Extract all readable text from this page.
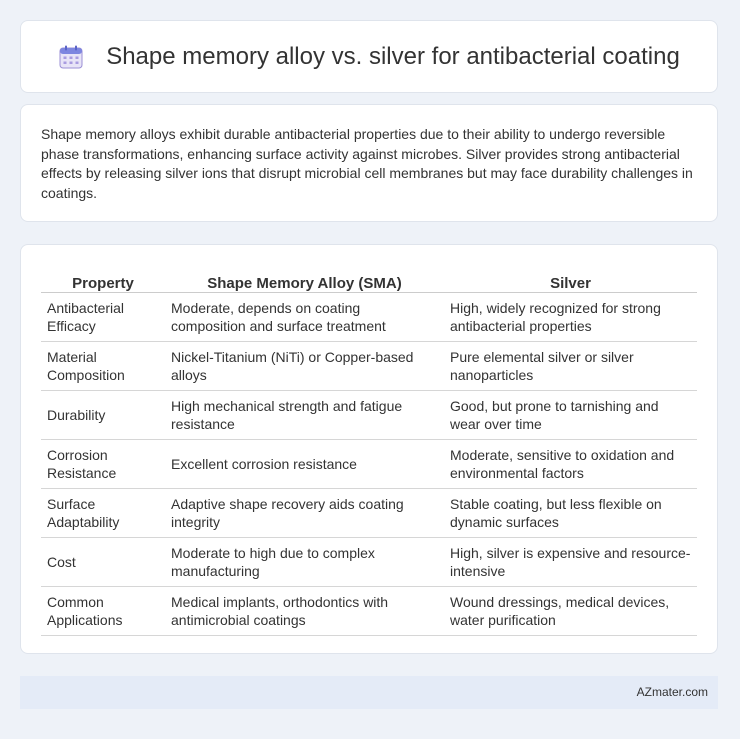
Shape memory alloy vs. silver for antibacterial coating

Shape memory alloys exhibit durable antibacterial properties due to their ability to undergo reversible phase transformations, enhancing surface activity against microbes. Silver provides strong antibacterial effects by releasing silver ions that disrupt microbial cell membranes but may face durability challenges in coatings.

Property	Shape Memory Alloy (SMA)	Silver
Antibacterial Efficacy	Moderate, depends on coating composition and surface treatment	High, widely recognized for strong antibacterial properties
Material Composition	Nickel-Titanium (NiTi) or Copper-based alloys	Pure elemental silver or silver nanoparticles
Durability	High mechanical strength and fatigue resistance	Good, but prone to tarnishing and wear over time
Corrosion Resistance	Excellent corrosion resistance	Moderate, sensitive to oxidation and environmental factors
Surface Adaptability	Adaptive shape recovery aids coating integrity	Stable coating, but less flexible on dynamic surfaces
Cost	Moderate to high due to complex manufacturing	High, silver is expensive and resource-intensive
Common Applications	Medical implants, orthodontics with antimicrobial coatings	Wound dressings, medical devices, water purification
AZmater.com
